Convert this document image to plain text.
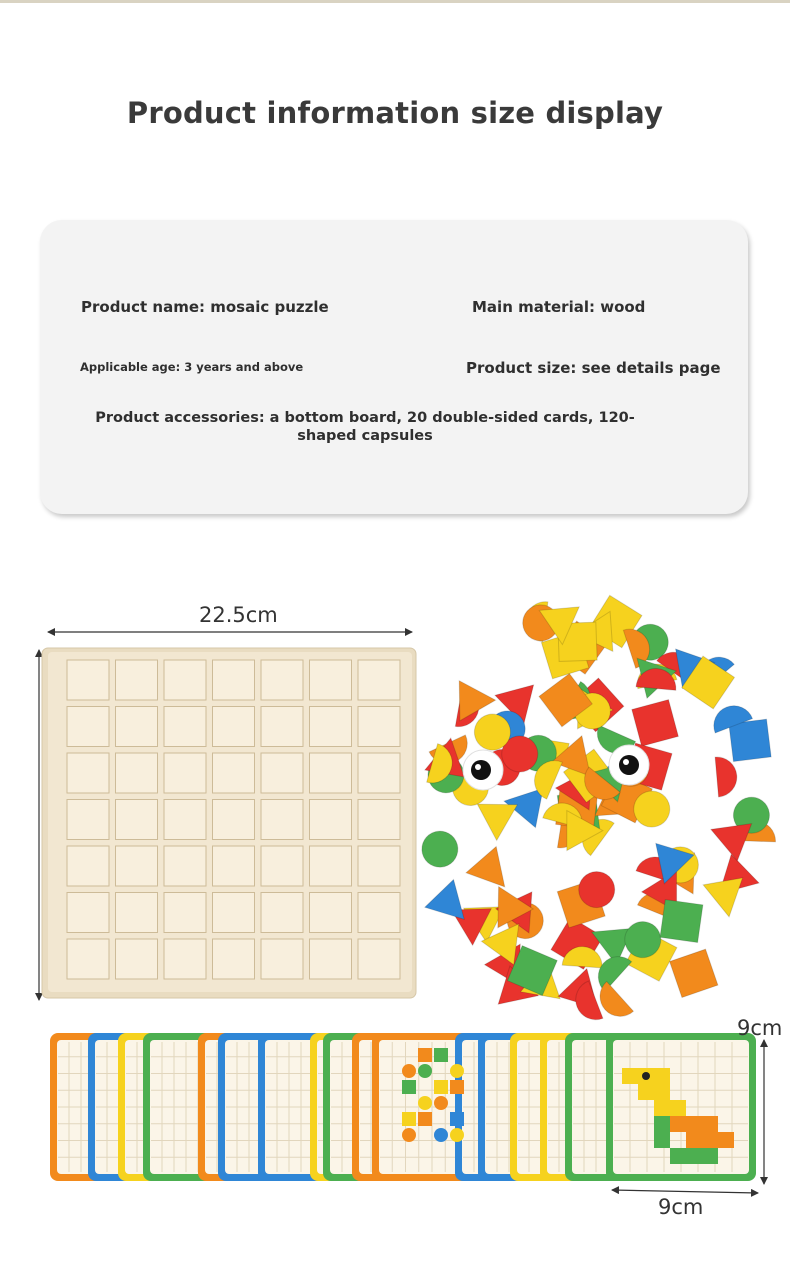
Product information size display
Product name: mosaic puzzle	Main material: wood
Applicable age: 3 years and above	Product size: see details page
Product accessories: a bottom board, 20 double-sided cards, 120-shaped capsules
22.5cm
9cm
9cm
